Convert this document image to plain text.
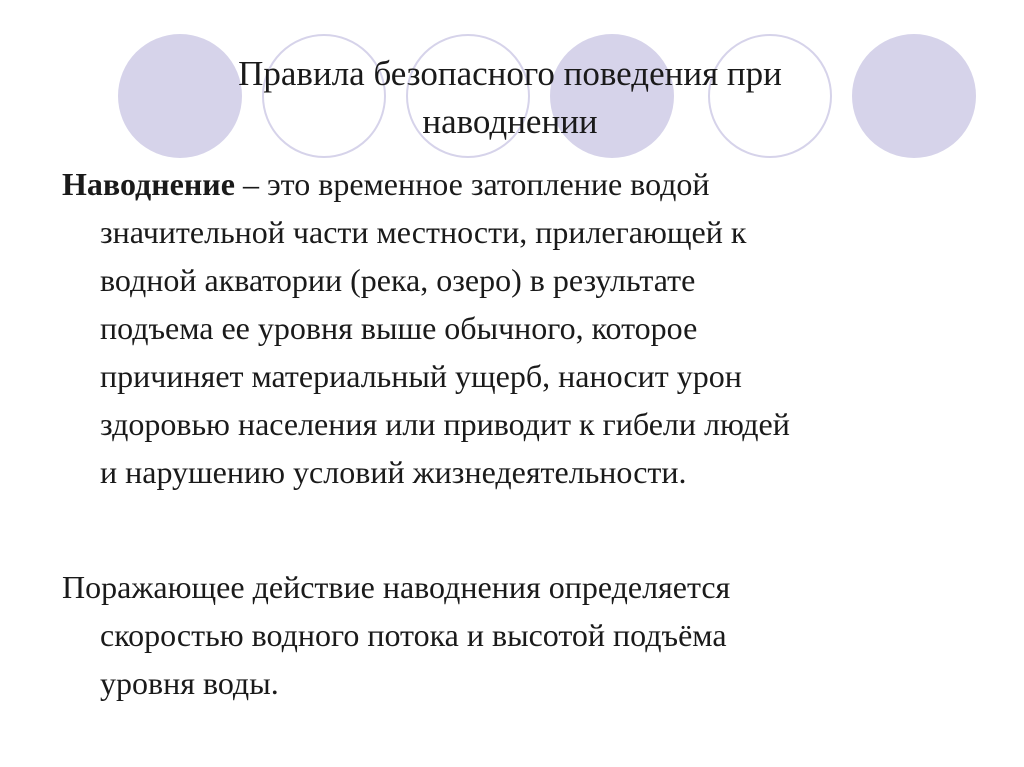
Правила безопасного поведения при
наводнении
Наводнение – это временное затопление водой
значительной части местности, прилегающей к
водной акватории (река, озеро) в результате
подъема ее уровня выше обычного, которое
причиняет материальный ущерб, наносит урон
здоровью населения или приводит к гибели людей
и нарушению условий жизнедеятельности.
Поражающее действие наводнения определяется
скоростью водного потока и высотой подъёма
уровня воды.
